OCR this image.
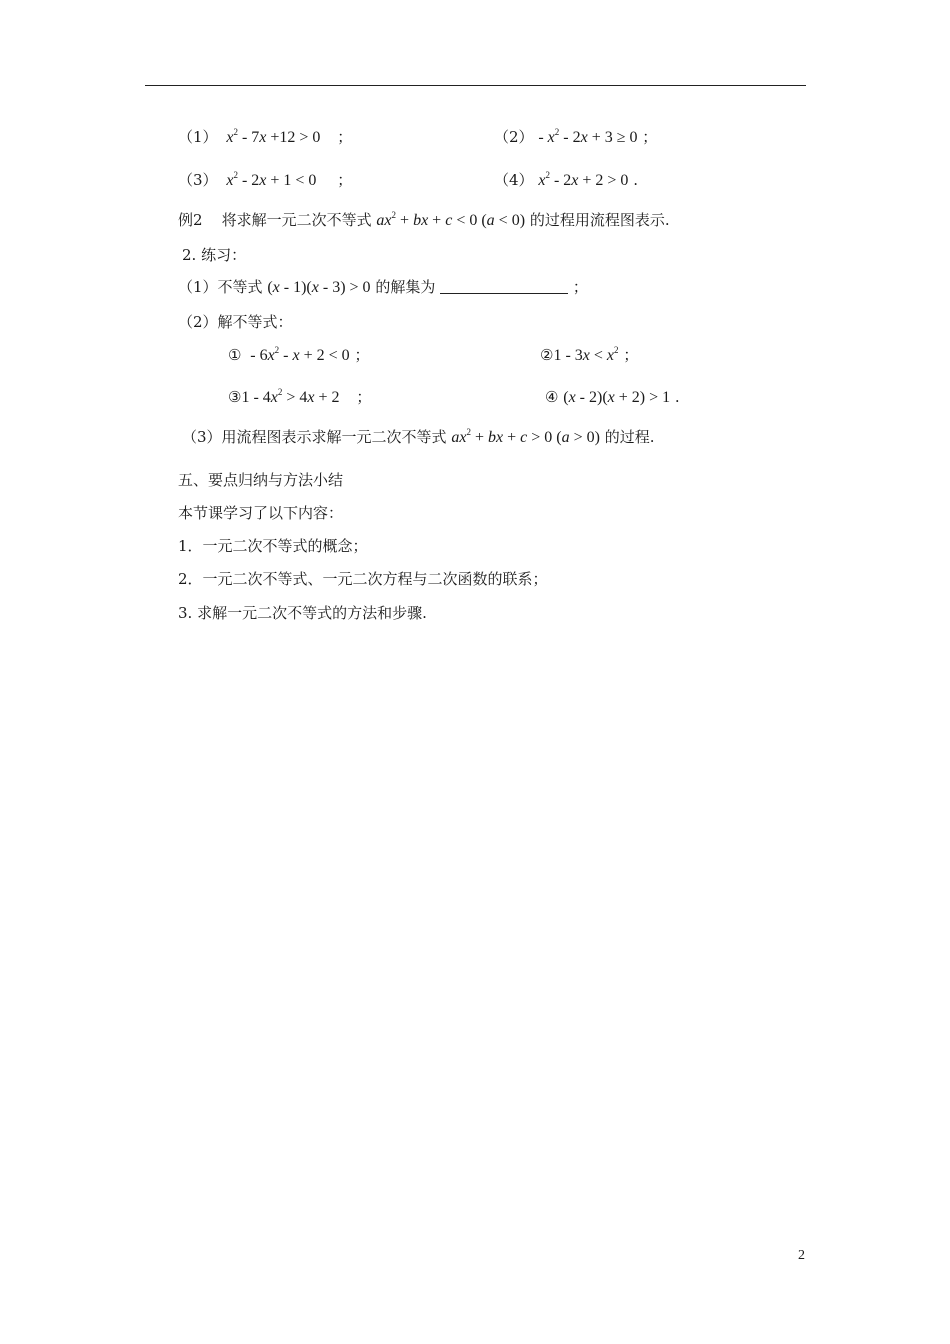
（1） $x^2 - 7x +12 > 0$    ；	$(2) - x^2 - 2x + 3 \ge 0$ ；
（3） $x^2 - 2x + 1 < 0$     ；	（4） $x^2 - 2x + 2 > 0$ .
例2 将求解一元二次不等式 $ax^2$ + bx + c < 0 (a < 0) 的过程用流程图表示.
2. 练习：
（1）不等式 (x - 1)(x - 3) > 0 的解集为	；
（2）解不等式：
①  - $6x^2 - x + 2 < 0$ ；	②1 - $3x < x^2$ ；
③1 - $4x^2 > 4x + 2$    ；	④ (x - 2)(x + 2) > 1 .
（3）用流程图表示求解一元二次不等式 $ax^2$ + bx + c > 0 (a > 0) 的过程.
五、要点归纳与方法小结
本节课学习了以下内容：
1．一元二次不等式的概念；
2．一元二次不等式、一元二次方程与二次函数的联系；
3. 求解一元二次不等式的方法和步骤.
2
